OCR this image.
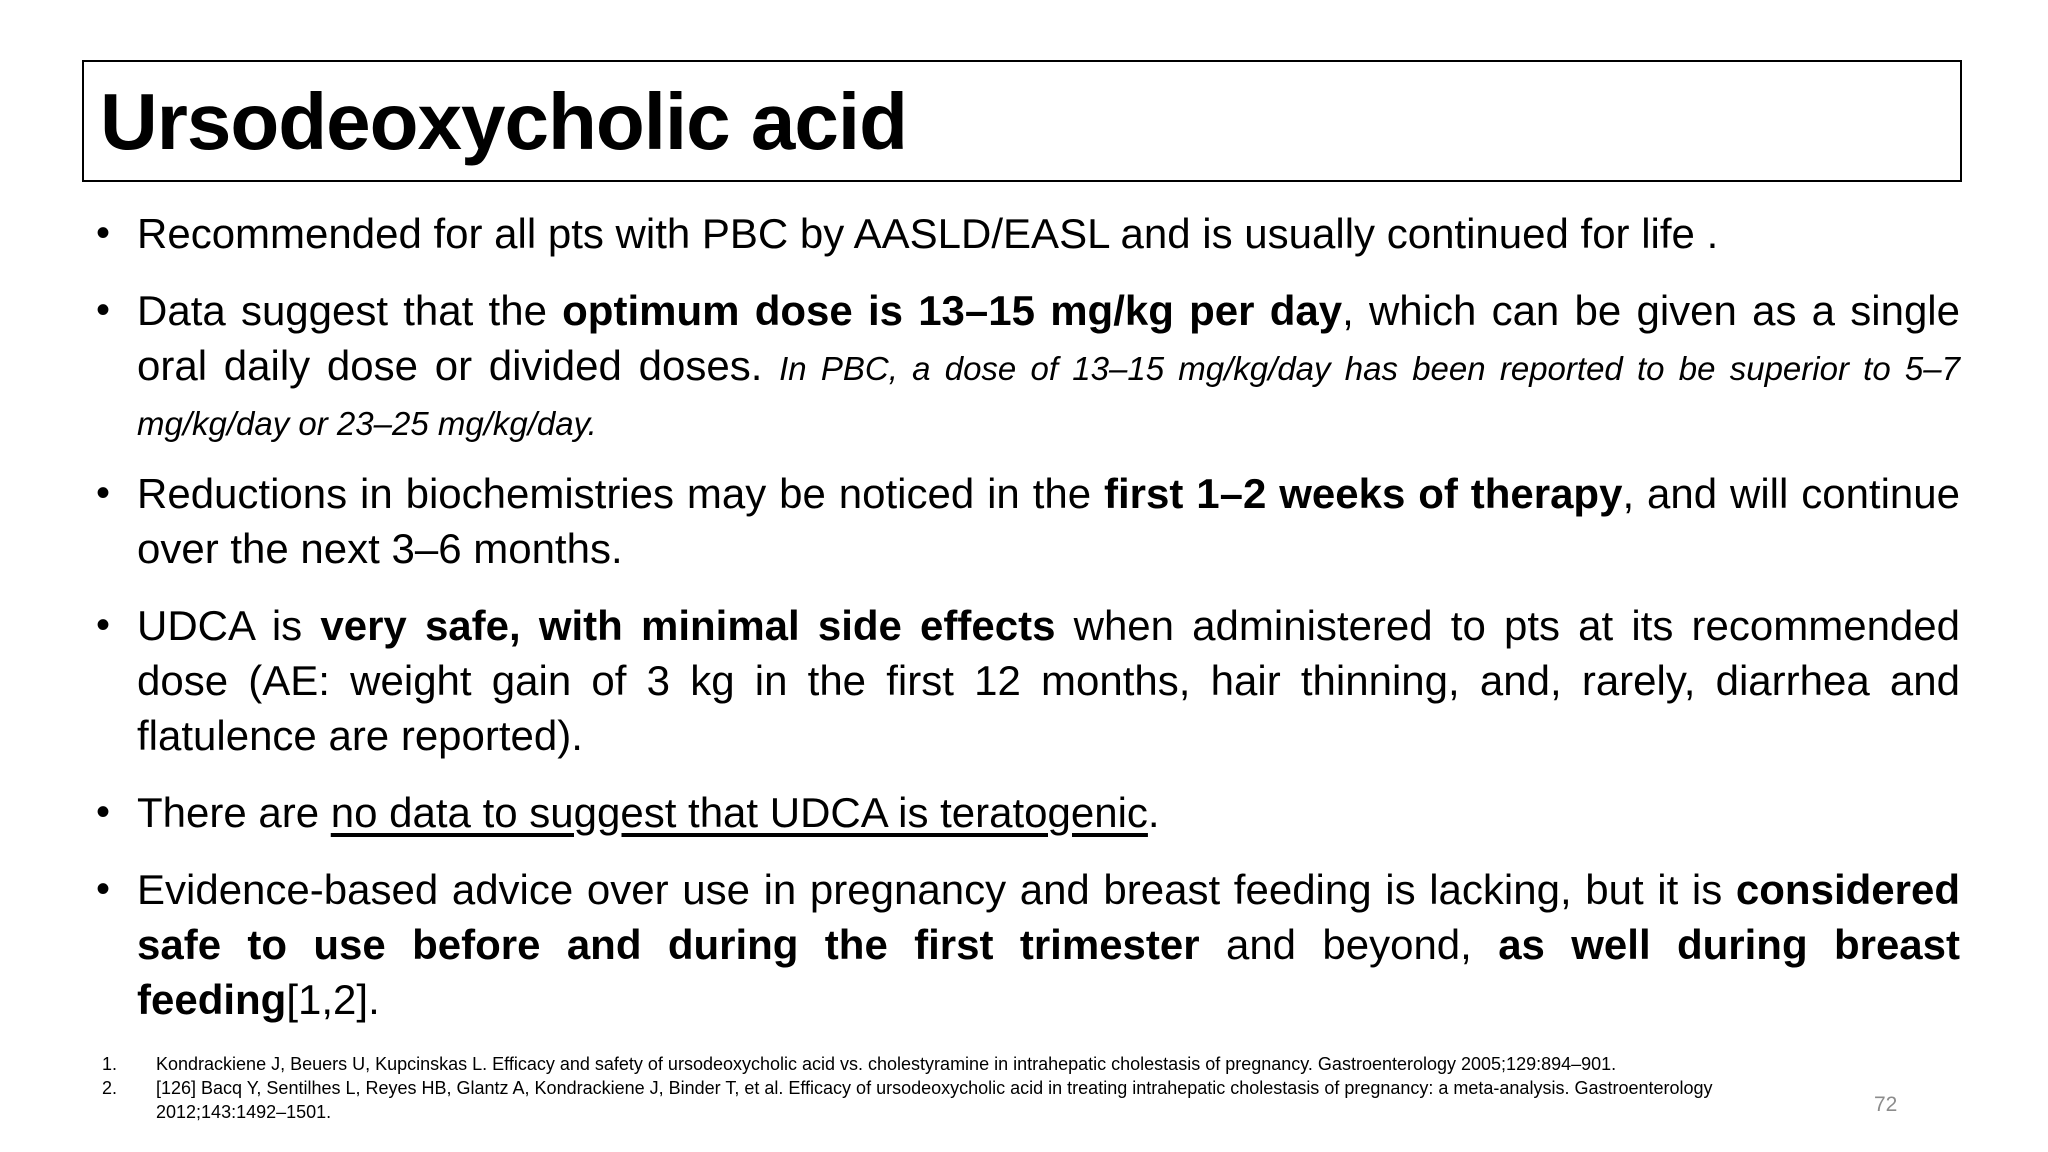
Ursodeoxycholic acid
•
Recommended for all pts with PBC by AASLD/EASL and is usually continued for life .
•
Data suggest that the optimum dose is 13–15 mg/kg per day, which can be given as a single oral daily dose or divided doses. In PBC, a dose of 13–15 mg/kg/day has been reported to be superior to 5–7 mg/kg/day or 23–25 mg/kg/day.
•
Reductions in biochemistries may be noticed in the first 1–2 weeks of therapy, and will continue over the next 3–6 months.
•
UDCA is very safe, with minimal side effects when administered to pts at its recommended dose (AE: weight gain of 3 kg in the first 12 months, hair thinning, and, rarely, diarrhea and flatulence are reported).
•
There are no data to suggest that UDCA is teratogenic.
•
Evidence-based advice over use in pregnancy and breast feeding is lacking, but it is considered safe to use before and during the first trimester and beyond, as well during breast feeding[1,2].
1. Kondrackiene J, Beuers U, Kupcinskas L. Efficacy and safety of ursodeoxycholic acid vs. cholestyramine in intrahepatic cholestasis of pregnancy. Gastroenterology 2005;129:894–901.
2. [126] Bacq Y, Sentilhes L, Reyes HB, Glantz A, Kondrackiene J, Binder T, et al. Efficacy of ursodeoxycholic acid in treating intrahepatic cholestasis of pregnancy: a meta-analysis. Gastroenterology 2012;143:1492–1501.	72
